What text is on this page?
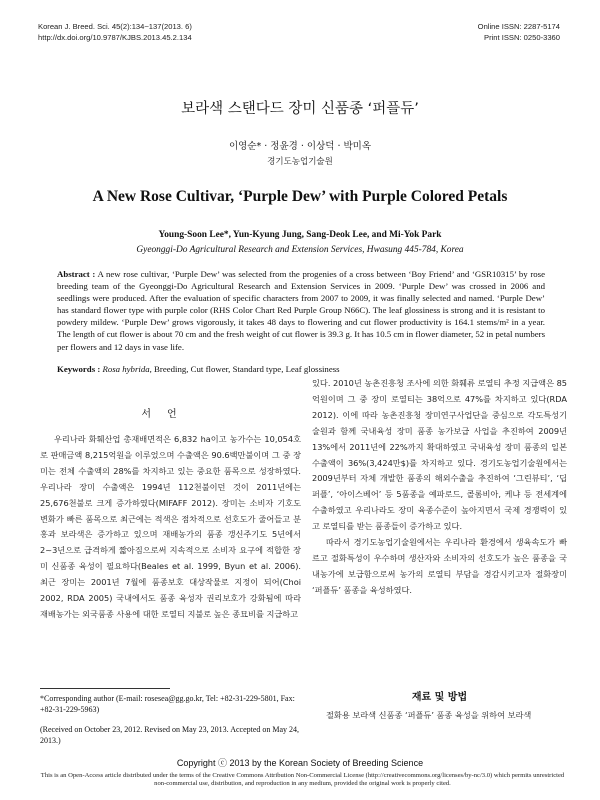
Korean J. Breed. Sci. 45(2):134~137(2013. 6)
http://dx.doi.org/10.9787/KJBS.2013.45.2.134
Online ISSN: 2287-5174
Print ISSN: 0250-3360
보라색 스탠다드 장미 신품종 ‘퍼플듀’
이영순* · 정윤경 · 이상덕 · 박미옥
경기도농업기술원
A New Rose Cultivar, ‘Purple Dew’ with Purple Colored Petals
Young-Soon Lee*, Yun-Kyung Jung, Sang-Deok Lee, and Mi-Yok Park
Gyeonggi-Do Agricultural Research and Extension Services, Hwasung 445-784, Korea
Abstract : A new rose cultivar, ‘Purple Dew’ was selected from the progenies of a cross between ‘Boy Friend’ and ‘GSR10315’ by rose breeding team of the Gyeonggi-Do Agricultural Research and Extension Services in 2009. ‘Purple Dew’ was crossed in 2006 and seedlings were produced. After the evaluation of specific characters from 2007 to 2009, it was finally selected and named. ‘Purple Dew’ has standard flower type with purple color (RHS Color Chart Red Purple Group N66C). The leaf glossiness is strong and it is resistant to powdery mildew. ‘Purple Dew’ grows vigorously, it takes 48 days to flowering and cut flower productivity is 164.1 stems/m² in a year. The length of cut flower is about 70 cm and the fresh weight of cut flower is 39.3 g. It has 10.5 cm in flower diameter, 52 in petal numbers per flowers and 12 days in vase life.
Keywords : Rosa hybrida, Breeding, Cut flower, Standard type, Leaf glossiness
서언

우리나라 화훼산업 총재배면적은 6,832 ha이고 농가수는 10,054호로 판매금액 8,215억원을 이루었으며 수출액은 90.6백만불이며 그 중 장미는 전체 수출액의 28%를 차지하고 있는 중요한 품목으로 성장하였다. 우리나라 장미 수출액은 1994년 112천불이던 것이 2011년에는 25,676천불로 크게 증가하였다(MIFAFF 2012). 장미는 소비자 기호도 변화가 빠른 품목으로 최근에는 적색은 점차적으로 선호도가 줄어들고 분홍과 보라색은 증가하고 있으며 재배농가의 품종 갱신주기도 5년에서 2~3년으로 급격하게 짧아짐으로써 지속적으로 소비자 요구에 적합한 장미 신품종 육성이 필요하다(Beales et al. 1999, Byun et al. 2006). 최근 장미는 2001년 7월에 품종보호 대상작물로 지정이 되어(Choi 2002, RDA 2005) 국내에서도 품종 육성자 권리보호가 강화됨에 따라 재배농가는 외국품종 사용에 대한 로열티 지불로 높은 종묘비를 지급하고

있다. 2010년 농촌진흥청 조사에 의한 화훼류 로열티 추정 지급액은 85억원이며 그 중 장미 로열티는 38억으로 47%를 차지하고 있다(RDA 2012). 이에 따라 농촌진흥청 장미연구사업단을 중심으로 각도특성기술원과 함께 국내육성 장미 품종 농가보급 사업을 추진하여 2009년 13%에서 2011년에 22%까지 확대하였고 국내육성 장미 품종의 일본 수출액이 36%(3,424만$)를 차지하고 있다. 경기도농업기술원에서는 2009년부터 자체 개발한 품종의 해외수출을 추진하여 ‘그린뷰티’, ‘딥퍼플’, ‘아이스베어’ 등 5품종을 예파로드, 콜롬비아, 케냐 등 전세계에 수출하였고 우리나라도 장미 육종수준이 높아지면서 국제 경쟁력이 있고 로열티를 받는 품종들이 증가하고 있다.

따라서 경기도농업기술원에서는 우리나라 환경에서 생육속도가 빠르고 절화특성이 우수하며 생산자와 소비자의 선호도가 높은 품종을 국내농가에 보급함으로써 농가의 로열티 부담을 경감시키고자 절화장미 ‘퍼플듀’ 품종을 육성하였다.

*Corresponding author (E-mail: rosesea@gg.go.kr, Tel: +82-31-229-5801, Fax: +82-31-229-5963)
(Received on October 23, 2012. Revised on May 23, 2013. Accepted on May 24, 2013.)
재료 및 방법
절화용 보라색 신품종 ‘퍼플듀’ 품종 육성을 위하여 보라색
Copyright ⓒ 2013 by the Korean Society of Breeding Science
This is an Open-Access article distributed under the terms of the Creative Commons Attribution Non-Commercial License (http://creativecommons.org/licenses/by-nc/3.0) which permits unrestricted non-commercial use, distribution, and reproduction in any medium, provided the original work is properly cited.
